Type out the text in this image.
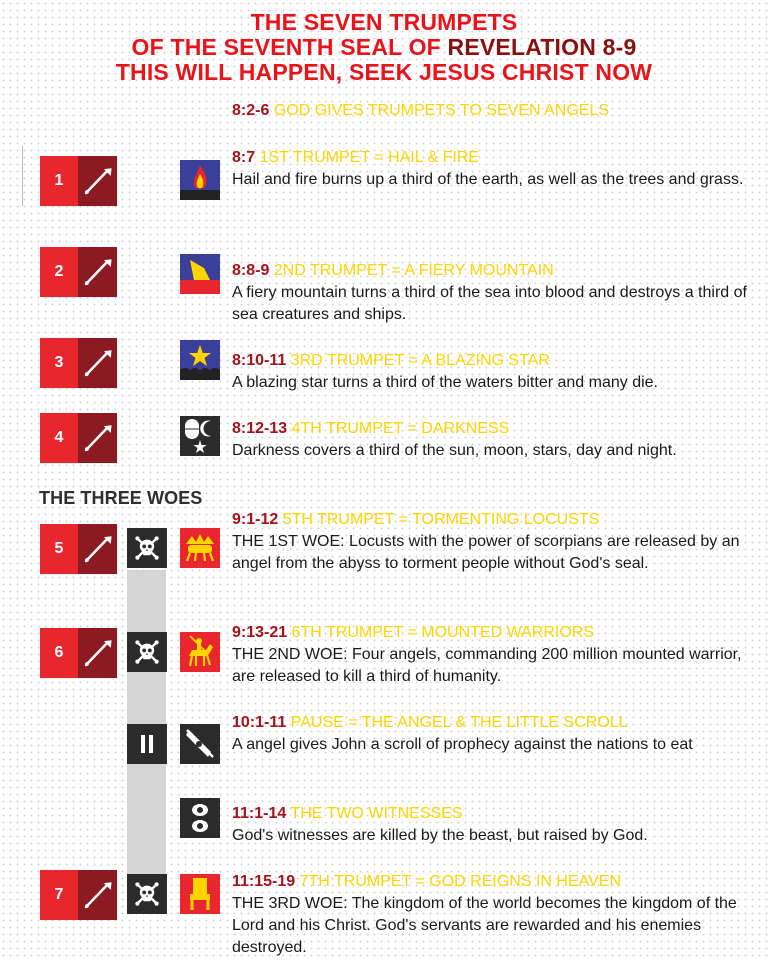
THE SEVEN TRUMPETS
OF THE SEVENTH SEAL OF REVELATION 8-9
THIS WILL HAPPEN, SEEK JESUS CHRIST NOW
8:2-6 GOD GIVES TRUMPETS TO SEVEN ANGELS
THE THREE WOES
1
2
3
4
5
6
7
8:7 1ST TRUMPET = HAIL & FIRE
Hail and fire burns up a third of the earth, as well as the trees and grass.
8:8-9 2ND TRUMPET = A FIERY MOUNTAIN
A fiery mountain turns a third of the sea into blood and destroys a third of sea creatures and ships.
8:10-11 3RD TRUMPET = A BLAZING STAR
A blazing star turns a third of the waters bitter and many die.
8:12-13 4TH TRUMPET = DARKNESS
Darkness covers a third of the sun, moon, stars, day and night.
9:1-12 5TH TRUMPET = TORMENTING LOCUSTS
THE 1ST WOE: Locusts with the power of scorpians are released by an angel from the abyss to torment people without God's seal.
9:13-21 6TH TRUMPET = MOUNTED WARRIORS
THE 2ND WOE: Four angels, commanding 200 million mounted warrior, are released to kill a third of humanity.
10:1-11 PAUSE = THE ANGEL & THE LITTLE SCROLL
A angel gives John a scroll of prophecy against the nations to eat
11:1-14 THE TWO WITNESSES
God's witnesses are killed by the beast, but raised by God.
11:15-19 7TH TRUMPET = GOD REIGNS IN HEAVEN
THE 3RD WOE: The kingdom of the world becomes the kingdom of the Lord and his Christ. God's servants are rewarded and his enemies destroyed.
